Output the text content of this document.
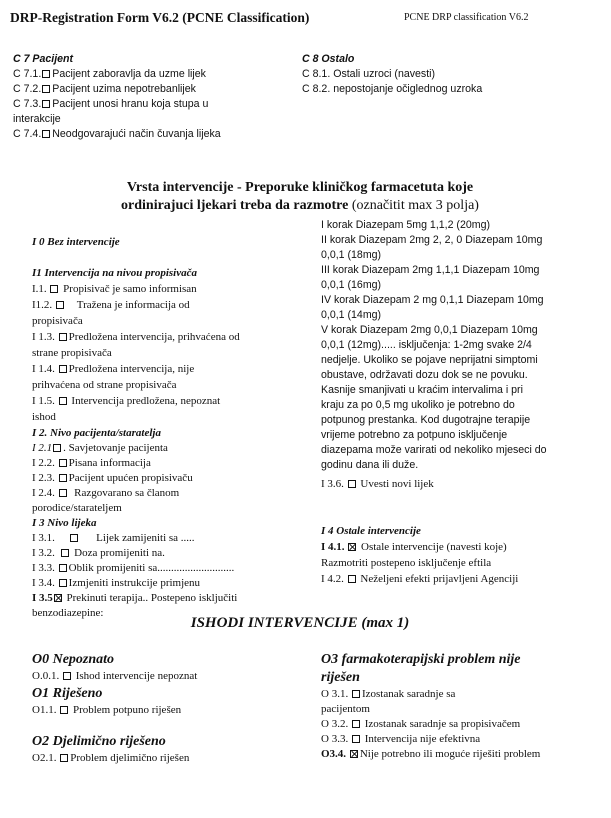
DRP-Registration Form V6.2 (PCNE Classification)	PCNE DRP classification V6.2
C 7 Pacijent
C 7.1. Pacijent zaboravlja da uzme lijek
C 7.2. Pacijent uzima nepotrebanlijek
C 7.3. Pacijent unosi hranu koja stupa u
interakcije
C 7.4. Neodgovarajući način čuvanja lijeka
C 8 Ostalo
C 8.1. Ostali uzroci (navesti)
C 8.2. nepostojanje očiglednog uzroka
Vrsta intervencije - Preporuke kliničkog farmacetuta koje
ordinirajuci ljekari treba da razmotre (označitit max 3 polja)
I 0 Bez intervencije
I1 Intervencija na nivou propisivača
I.1. Propisivač je samo informisan
I1.2. Tražena je informacija od
propisivača
I 1.3. Predložena intervencija, prihvaćena od
strane propisivača
I 1.4. Predložena intervencija, nije
prihvaćena od strane propisivača
I 1.5. Intervencija predložena, nepoznat
ishod
I 2. Nivo pacijenta/staratelja
I 2.1 . Savjetovanje pacijenta
I 2.2. Pisana informacija
I 2.3. Pacijent upućen propisivaču
I 2.4. Razgovarano sa članom
porodice/starateljem
I 3 Nivo lijeka
I 3.1.	Lijek zamijeniti sa .....
I 3.2. Doza promijeniti na.
I 3.3. Oblik promijeniti sa............................
I 3.4. Izmjeniti instrukcije primjenu
I 3.5 Prekinuti terapija.. Postepeno isključiti
benzodiazepine:
I korak Diazepam 5mg 1,1,2 (20mg)
II korak Diazepam 2mg 2, 2, 0 Diazepam 10mg
0,0,1 (18mg)
III korak Diazepam 2mg 1,1,1 Diazepam 10mg
0,0,1 (16mg)
IV korak Diazepam 2 mg 0,1,1 Diazepam 10mg
0,0,1 (14mg)
V korak Diazepam 2mg 0,0,1 Diazepam 10mg
0,0,1 (12mg)..... isključenja: 1-2mg svake 2/4
nedjelje. Ukoliko se pojave neprijatni simptomi
obustave, održavati dozu dok se ne povuku.
Kasnije smanjivati u kraćim intervalima i pri
kraju za po 0,5 mg ukoliko je potrebno do
potpunog prestanka. Kod dugotrajne terapije
vrijeme potrebno za potpuno isključenje
diazepama može varirati od nekoliko mjeseci do
godinu dana ili duže.
I 3.6. Uvesti novi lijek
I 4 Ostale intervencije
I 4.1.  Ostale intervencije (navesti koje)
Razmotriti postepeno isključenje eftila
I 4.2. Neželjeni efekti prijavljeni Agenciji
ISHODI INTERVENCIJE (max 1)
O0 Nepoznato
O.0.1. Ishod intervencije nepoznat
O1 Riješeno
O1.1. Problem potpuno riješen
O2 Djelimično riješeno
O2.1. Problem djelimično riješen
O3 farmakoterapijski problem nije
riješen
O 3.1. Izostanak saradnje sa
pacijentom
O 3.2. Izostanak saradnje sa propisivačem
O 3.3. Intervencija nije efektivna
O3.4. Nije potrebno ili moguće riješiti problem
